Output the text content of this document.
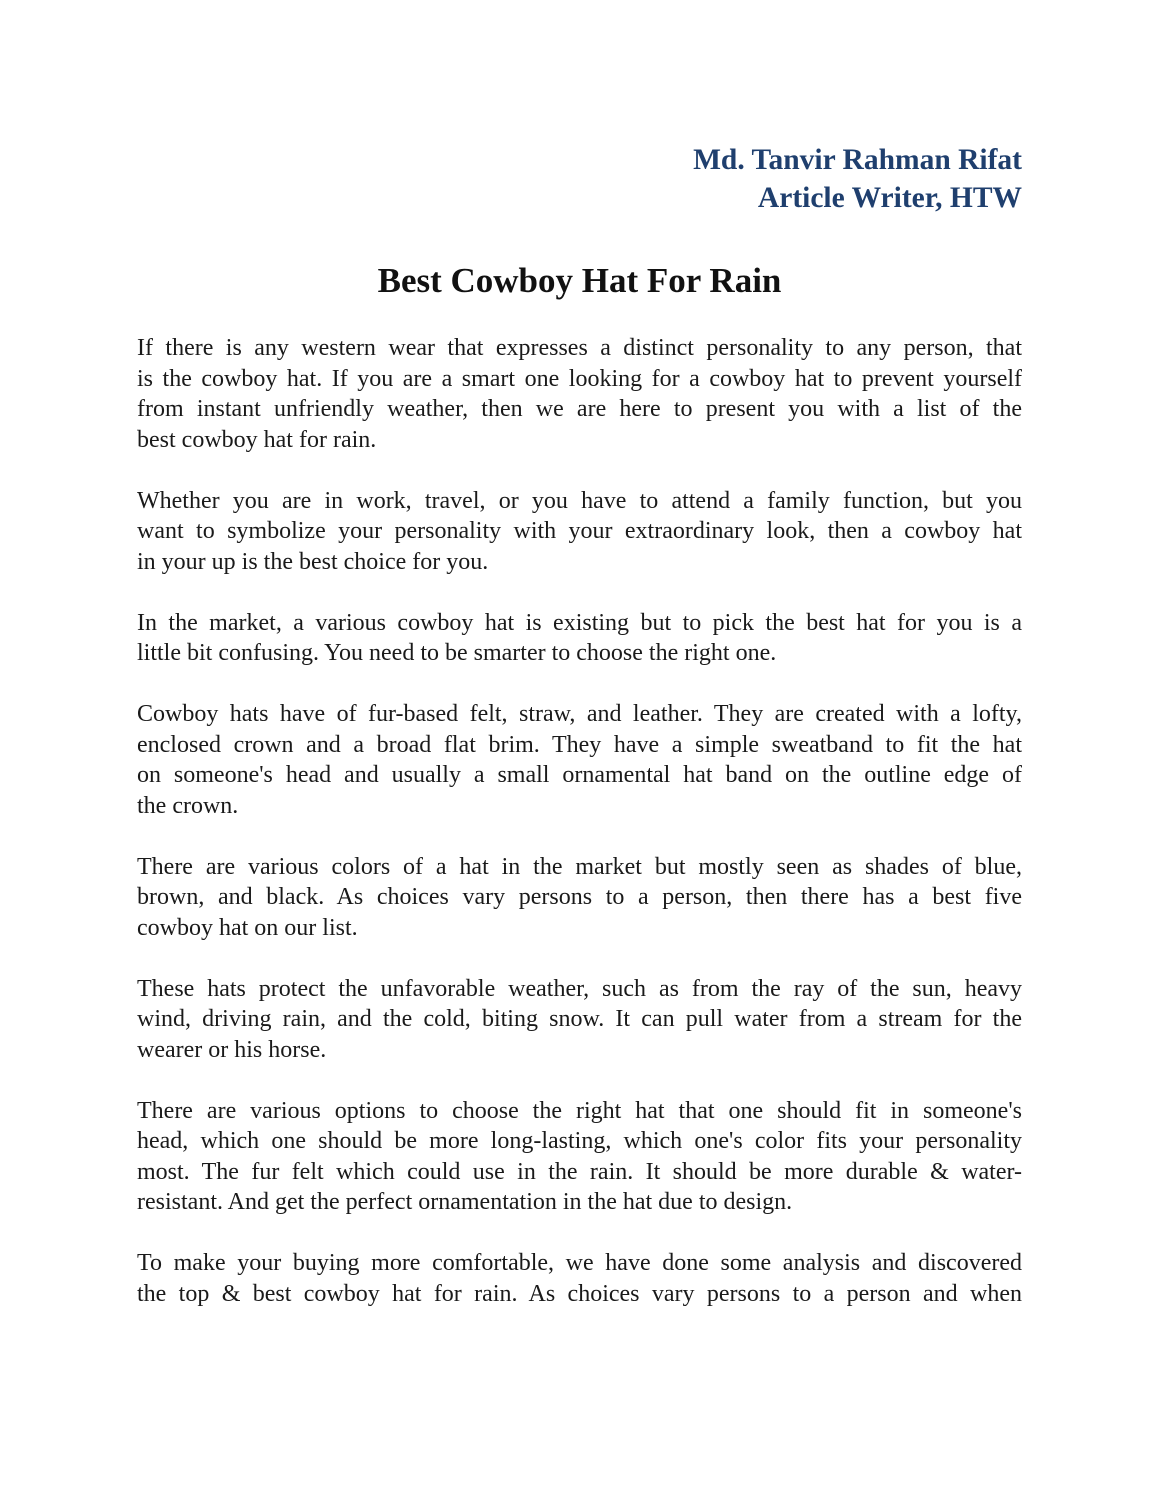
Md. Tanvir Rahman Rifat
Article Writer, HTW
Best Cowboy Hat For Rain

If there is any western wear that expresses a distinct personality to any person, that
is the cowboy hat. If you are a smart one looking for a cowboy hat to prevent yourself
from instant unfriendly weather, then we are here to present you with a list of the
best cowboy hat for rain.

Whether you are in work, travel, or you have to attend a family function, but you
want to symbolize your personality with your extraordinary look, then a cowboy hat
in your up is the best choice for you.

In the market, a various cowboy hat is existing but to pick the best hat for you is a
little bit confusing. You need to be smarter to choose the right one.

Cowboy hats have of fur-based felt, straw, and leather. They are created with a lofty,
enclosed crown and a broad flat brim. They have a simple sweatband to fit the hat
on someone's head and usually a small ornamental hat band on the outline edge of
the crown.

There are various colors of a hat in the market but mostly seen as shades of blue,
brown, and black. As choices vary persons to a person, then there has a best five
cowboy hat on our list.

These hats protect the unfavorable weather, such as from the ray of the sun, heavy
wind, driving rain, and the cold, biting snow. It can pull water from a stream for the
wearer or his horse.

There are various options to choose the right hat that one should fit in someone's
head, which one should be more long-lasting, which one's color fits your personality
most. The fur felt which could use in the rain. It should be more durable & water-
resistant. And get the perfect ornamentation in the hat due to design.

To make your buying more comfortable, we have done some analysis and discovered
the top & best cowboy hat for rain. As choices vary persons to a person and when
